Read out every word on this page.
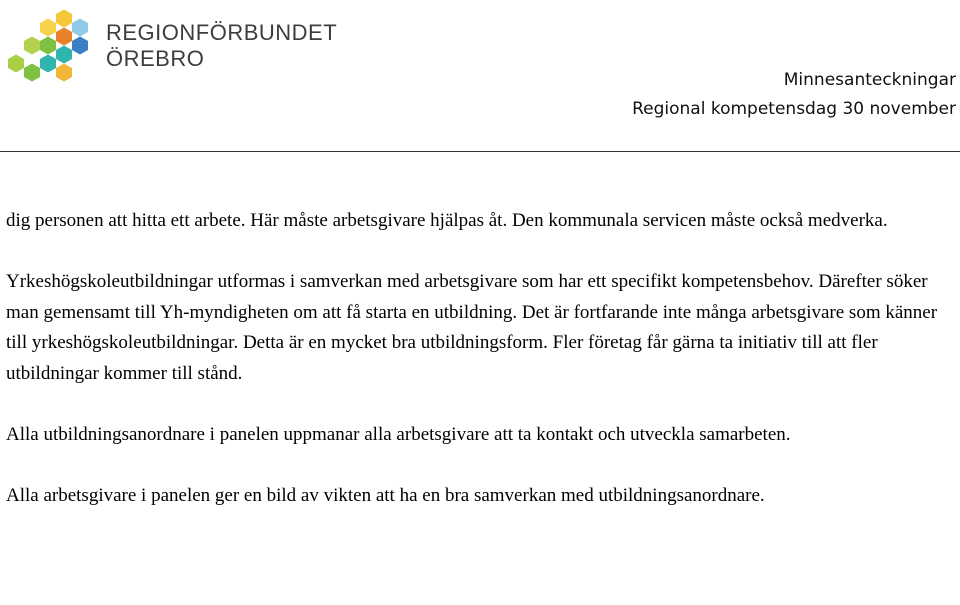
REGIONFÖRBUNDET
ÖREBRO
Minnesanteckningar
Regional kompetensdag 30 november

dig personen att hitta ett arbete. Här måste arbetsgivare hjälpas åt. Den kommunala servicen måste också medverka.

Yrkeshögskoleutbildningar utformas i samverkan med arbetsgivare som har ett specifikt kompetensbehov. Därefter söker man gemensamt till Yh-myndigheten om att få starta en utbildning. Det är fortfarande inte många arbetsgivare som känner till yrkeshögskoleutbildningar. Detta är en mycket bra utbildningsform. Fler företag får gärna ta initiativ till att fler utbildningar kommer till stånd.

Alla utbildningsanordnare i panelen uppmanar alla arbetsgivare att ta kontakt och utveckla samarbeten.

Alla arbetsgivare i panelen ger en bild av vikten att ha en bra samverkan med utbildningsanordnare.
